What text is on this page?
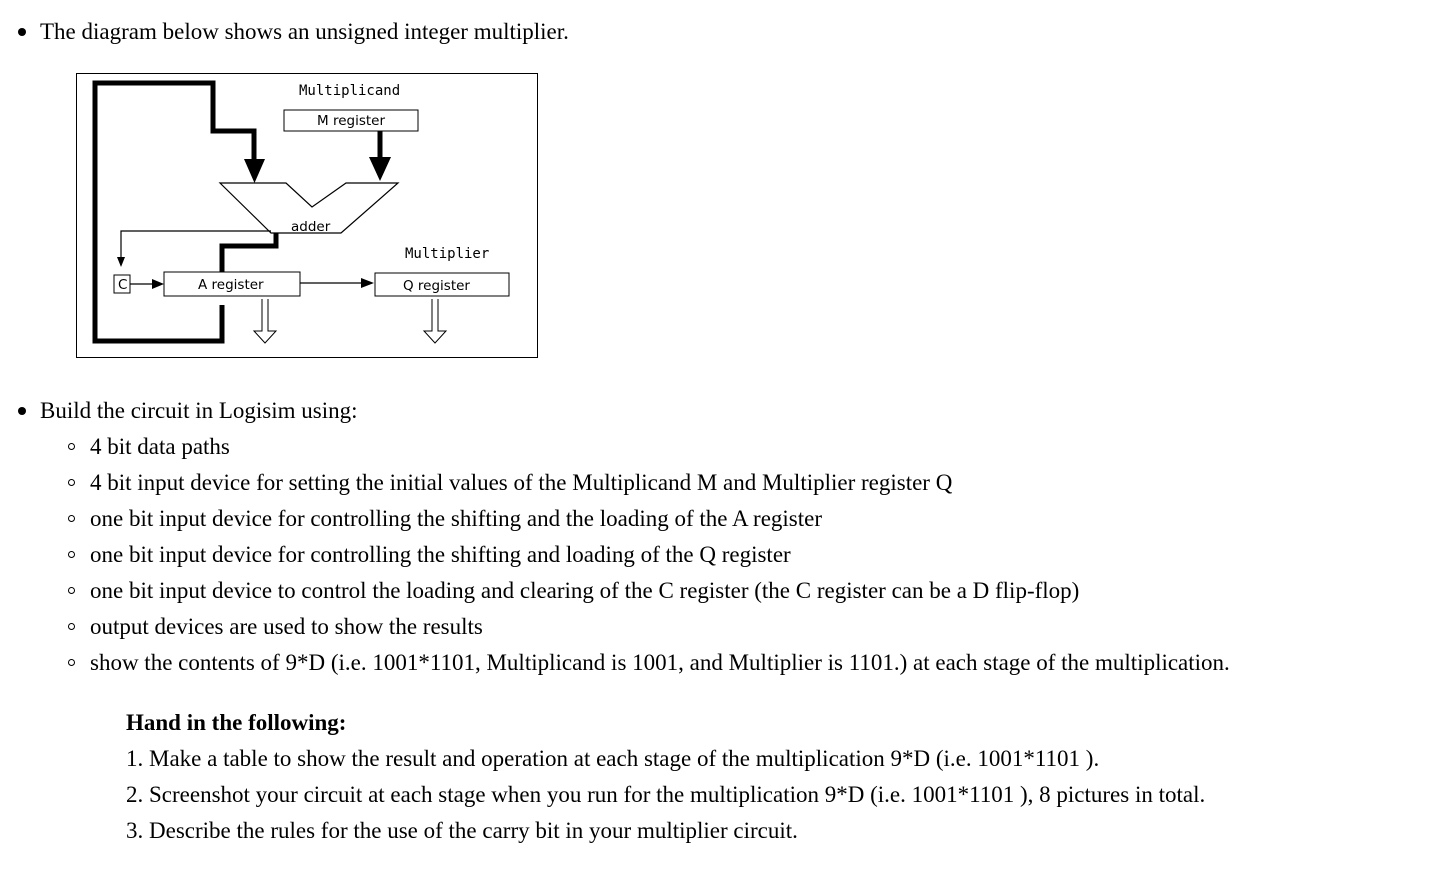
The diagram below shows an unsigned integer multiplier.
Multiplicand
M register
adder
C	A register
Multiplier
Q register
Build the circuit in Logisim using:
4 bit data paths
4 bit input device for setting the initial values of the Multiplicand M and Multiplier register Q
one bit input device for controlling the shifting and the loading of the A register
one bit input device for controlling the shifting and loading of the Q register
one bit input device to control the loading and clearing of the C register (the C register can be a D flip-flop)
output devices are used to show the results
show the contents of 9*D (i.e. 1001*1101, Multiplicand is 1001, and Multiplier is 1101.) at each stage of the multiplication.
Hand in the following:
1. Make a table to show the result and operation at each stage of the multiplication 9*D (i.e. 1001*1101 ).
2. Screenshot your circuit at each stage when you run for the multiplication 9*D (i.e. 1001*1101 ), 8 pictures in total.
3. Describe the rules for the use of the carry bit in your multiplier circuit.
